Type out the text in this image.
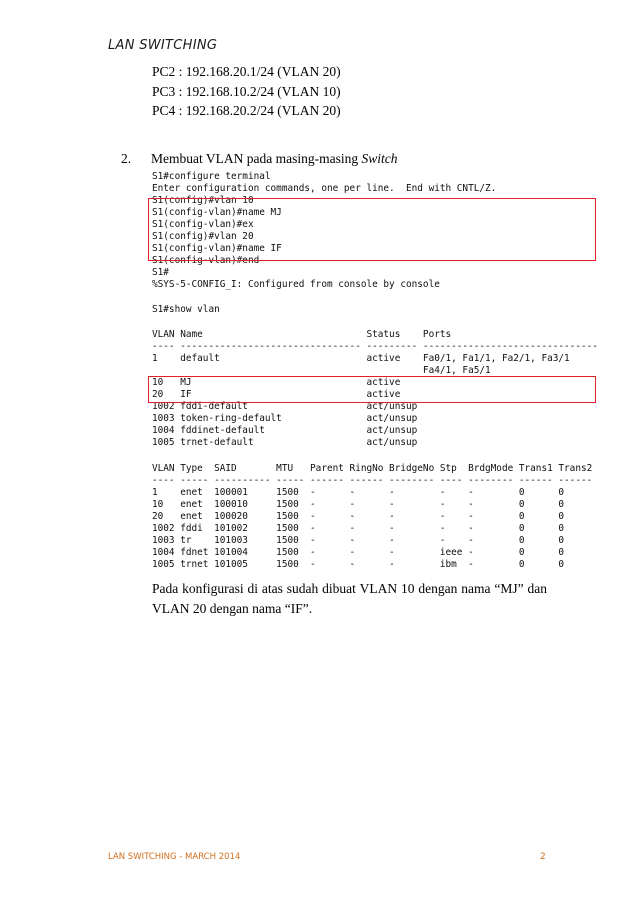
LAN SWITCHING
PC2 : 192.168.20.1/24 (VLAN 20)
PC3 : 192.168.10.2/24 (VLAN 10)
PC4 : 192.168.20.2/24 (VLAN 20)
2. Membuat VLAN pada masing-masing Switch
S1#configure terminal
Enter configuration commands, one per line.  End with CNTL/Z.
S1(config)#vlan 10
S1(config-vlan)#name MJ
S1(config-vlan)#ex
S1(config)#vlan 20
S1(config-vlan)#name IF
S1(config-vlan)#end
S1#
%SYS-5-CONFIG_I: Configured from console by console
S1#show vlan
VLAN Name                             Status    Ports
---- -------------------------------- --------- -------------------------------
1    default                          active    Fa0/1, Fa1/1, Fa2/1, Fa3/1
Fa4/1, Fa5/1
10   MJ                               active
20   IF                               active
1002 fddi-default                     act/unsup
1003 token-ring-default               act/unsup
1004 fddinet-default                  act/unsup
1005 trnet-default                    act/unsup
VLAN Type  SAID       MTU   Parent RingNo BridgeNo Stp  BrdgMode Trans1 Trans2
---- ----- ---------- ----- ------ ------ -------- ---- -------- ------ ------
1    enet  100001     1500  -      -      -        -    -        0      0
10   enet  100010     1500  -      -      -        -    -        0      0
20   enet  100020     1500  -      -      -        -    -        0      0
1002 fddi  101002     1500  -      -      -        -    -        0      0
1003 tr    101003     1500  -      -      -        -    -        0      0
1004 fdnet 101004     1500  -      -      -        ieee -        0      0
1005 trnet 101005     1500  -      -      -        ibm  -        0      0
Pada konfigurasi di atas sudah dibuat VLAN 10 dengan nama “MJ” dan VLAN 20 dengan nama “IF”.
LAN SWITCHING - MARCH 2014	2
